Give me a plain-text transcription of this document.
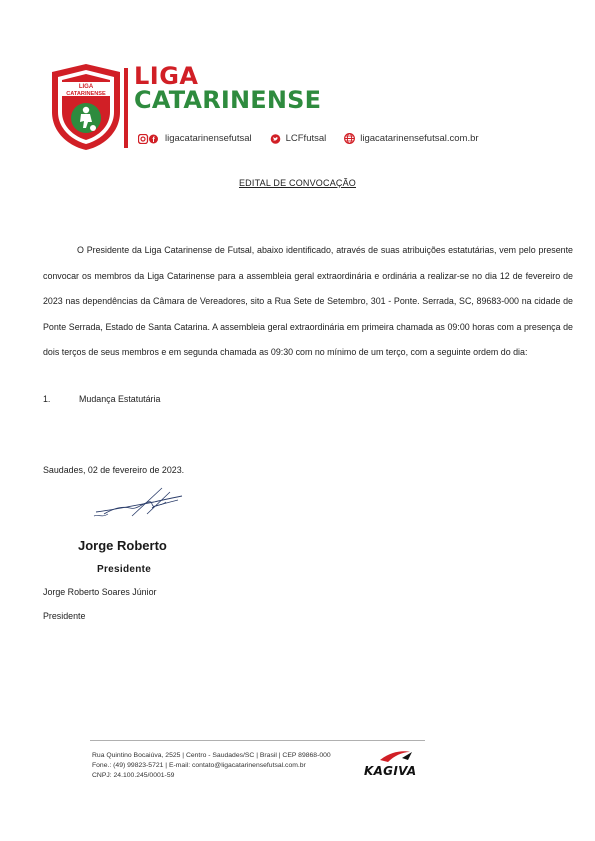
LIGA
CATARINENSE
LIGA
CATARINENSE
f ligacatarinensefutsal	LCFfutsal	ligacatarinensefutsal.com.br
EDITAL DE CONVOCAÇÃO

O Presidente da Liga Catarinense de Futsal, abaixo identificado, através de suas atribuições estatutárias, vem pelo presente convocar os membros da Liga Catarinense para a assembleia geral extraordinária e ordinária a realizar-se no dia 12 de fevereiro de 2023 nas dependências da Câmara de Vereadores, sito a Rua Sete de Setembro, 301 - Ponte. Serrada, SC, 89683-000 na cidade de Ponte Serrada, Estado de Santa Catarina. A assembleia geral extraordinária em primeira chamada as 09:00 horas com a presença de dois terços de seus membros e em segunda chamada as 09:30 com no mínimo de um terço, com a seguinte ordem do dia:

1.	Mudança Estatutária
Saudades, 02 de fevereiro de 2023.
Jorge Roberto
Presidente
Jorge Roberto Soares Júnior
Presidente
Rua Quintino Bocaiúva, 2525 | Centro - Saudades/SC | Brasil | CEP 89868-000
Fone.: (49) 99823-5721 | E-mail: contato@ligacatarinensefutsal.com.br
CNPJ: 24.100.245/0001-59	KAGIVA
